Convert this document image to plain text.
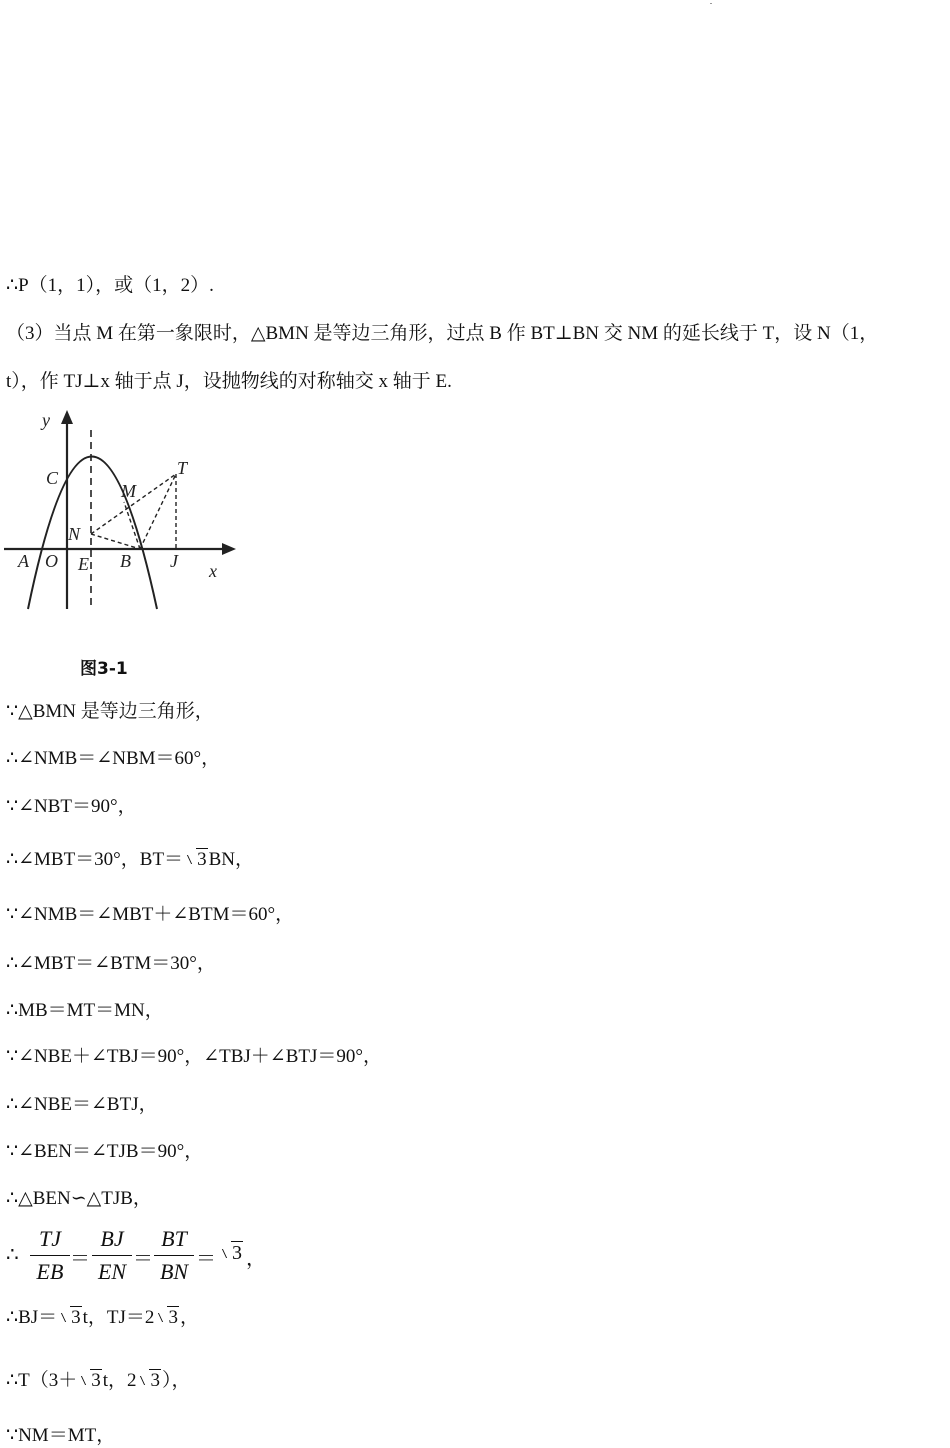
∴P（1，1），或（1，2）.
（3）当点 M 在第一象限时，△BMN 是等边三角形，过点 B 作 BT⊥BN 交 NM 的延长线于 T，设 N（1，
t），作 TJ⊥x 轴于点 J，设抛物线的对称轴交 x 轴于 E.
y
x
C	T
M
N
A O E B J
图3-1
∵△BMN 是等边三角形，
∴∠NMB＝∠NBM＝60°，
∵∠NBT＝90°，
∴∠MBT＝30°，BT＝ 3 BN，
∵∠NMB＝∠MBT＋∠BTM＝60°，
∴∠MBT＝∠BTM＝30°，
∴MB＝MT＝MN，
∵∠NBE＋∠TBJ＝90°，∠TBJ＋∠BTJ＝90°，
∴∠NBE＝∠BTJ，
∵∠BEN＝∠TJB＝90°，
∴△BEN∽△TJB，
∴
TJ
EB ＝
BJ
EN ＝
BT
BN ＝ 3 ，
∴BJ＝ 3 t，TJ＝2 3 ，
∴T（3＋ 3 t，2 3 ），
∵NM＝MT，
